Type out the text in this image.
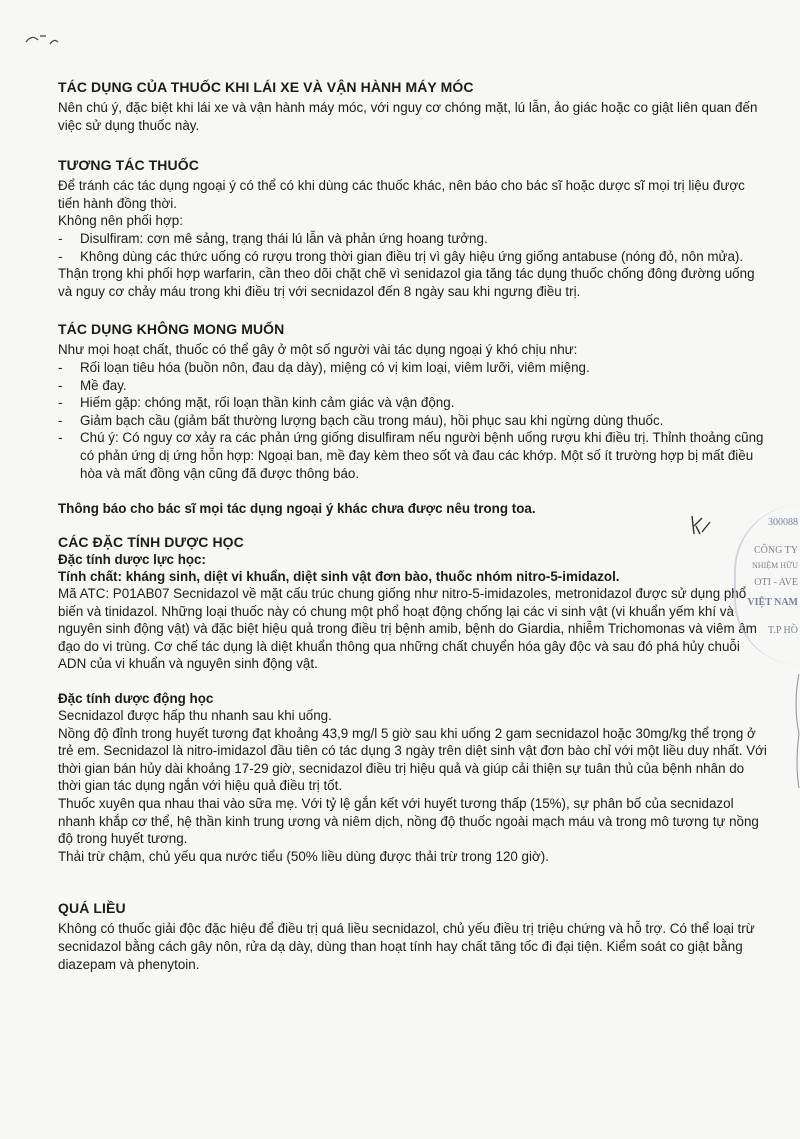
TÁC DỤNG CỦA THUỐC KHI LÁI XE VÀ VẬN HÀNH MÁY MÓC

Nên chú ý, đặc biệt khi lái xe và vận hành máy móc, với nguy cơ chóng mặt, lú lẫn, ảo giác hoặc co giật liên quan đến việc sử dụng thuốc này.

TƯƠNG TÁC THUỐC

Để tránh các tác dụng ngoại ý có thể có khi dùng các thuốc khác, nên báo cho bác sĩ hoặc dược sĩ mọi trị liệu được tiến hành đồng thời.

Không nên phối hợp:

- Disulfiram: cơn mê sảng, trạng thái lú lẫn và phản ứng hoang tưởng.
- Không dùng các thức uống có rượu trong thời gian điều trị vì gây hiệu ứng giống antabuse (nóng đỏ, nôn mửa).

Thận trọng khi phối hợp warfarin, cần theo dõi chặt chẽ vì senidazol gia tăng tác dụng thuốc chống đông đường uống và nguy cơ chảy máu trong khi điều trị với secnidazol đến 8 ngày sau khi ngưng điều trị.

TÁC DỤNG KHÔNG MONG MUỐN

Như mọi hoạt chất, thuốc có thể gây ở một số người vài tác dụng ngoại ý khó chịu như:

- Rối loạn tiêu hóa (buồn nôn, đau dạ dày), miệng có vị kim loại, viêm lưỡi, viêm miệng.
- Mề đay.
- Hiếm gặp: chóng mặt, rối loạn thần kinh cảm giác và vận động.
- Giảm bạch cầu (giảm bất thường lượng bạch cầu trong máu), hồi phục sau khi ngừng dùng thuốc.
- Chú ý: Có nguy cơ xảy ra các phản ứng giống disulfiram nếu người bệnh uống rượu khi điều trị. Thỉnh thoảng cũng có phản ứng dị ứng hỗn hợp: Ngoại ban, mề đay kèm theo sốt và đau các khớp. Một số ít trường hợp bị mất điều hòa và mất đồng vận cũng đã được thông báo.

Thông báo cho bác sĩ mọi tác dụng ngoại ý khác chưa được nêu trong toa.

CÁC ĐẶC TÍNH DƯỢC HỌC

Đặc tính dược lực học:

Tính chất: kháng sinh, diệt vi khuẩn, diệt sinh vật đơn bào, thuốc nhóm nitro-5-imidazol.

Mã ATC: P01AB07 Secnidazol về mặt cấu trúc chung giống như nitro-5-imidazoles, metronidazol được sử dụng phổ biến và tinidazol. Những loại thuốc này có chung một phổ hoạt động chống lại các vi sinh vật (vi khuẩn yếm khí và nguyên sinh động vật) và đặc biệt hiệu quả trong điều trị bệnh amib, bệnh do Giardia, nhiễm Trichomonas và viêm âm đạo do vi trùng. Cơ chế tác dụng là diệt khuẩn thông qua những chất chuyển hóa gây độc và sau đó phá hủy chuỗi ADN của vi khuẩn và nguyên sinh động vật.

Đặc tính dược động học

Secnidazol được hấp thu nhanh sau khi uống.

Nồng độ đỉnh trong huyết tương đạt khoảng 43,9 mg/l 5 giờ sau khi uống 2 gam secnidazol hoặc 30mg/kg thể trọng ở trẻ em. Secnidazol là nitro-imidazol đầu tiên có tác dụng 3 ngày trên diệt sinh vật đơn bào chỉ với một liều duy nhất. Với thời gian bán hủy dài khoảng 17-29 giờ, secnidazol điều trị hiệu quả và giúp cải thiện sự tuân thủ của bệnh nhân do thời gian tác dụng ngắn với hiệu quả điều trị tốt.

Thuốc xuyên qua nhau thai vào sữa mẹ. Với tỷ lệ gắn kết với huyết tương thấp (15%), sự phân bố của secnidazol nhanh khắp cơ thể, hệ thần kinh trung ương và niêm dịch, nồng độ thuốc ngoài mạch máu và trong mô tương tự nồng độ trong huyết tương.

Thải trừ chậm, chủ yếu qua nước tiểu (50% liều dùng được thải trừ trong 120 giờ).

QUÁ LIỀU

Không có thuốc giải độc đặc hiệu để điều trị quá liều secnidazol, chủ yếu điều trị triệu chứng và hỗ trợ. Có thể loại trừ secnidazol bằng cách gây nôn, rửa dạ dày, dùng than hoạt tính hay chất tăng tốc đi đại tiện. Kiểm soát co giật bằng diazepam và phenytoin.

300088
CÔNG TY
NHIỆM HỮU
OTI - AVE
VIỆT NAM
T.P HỒ
